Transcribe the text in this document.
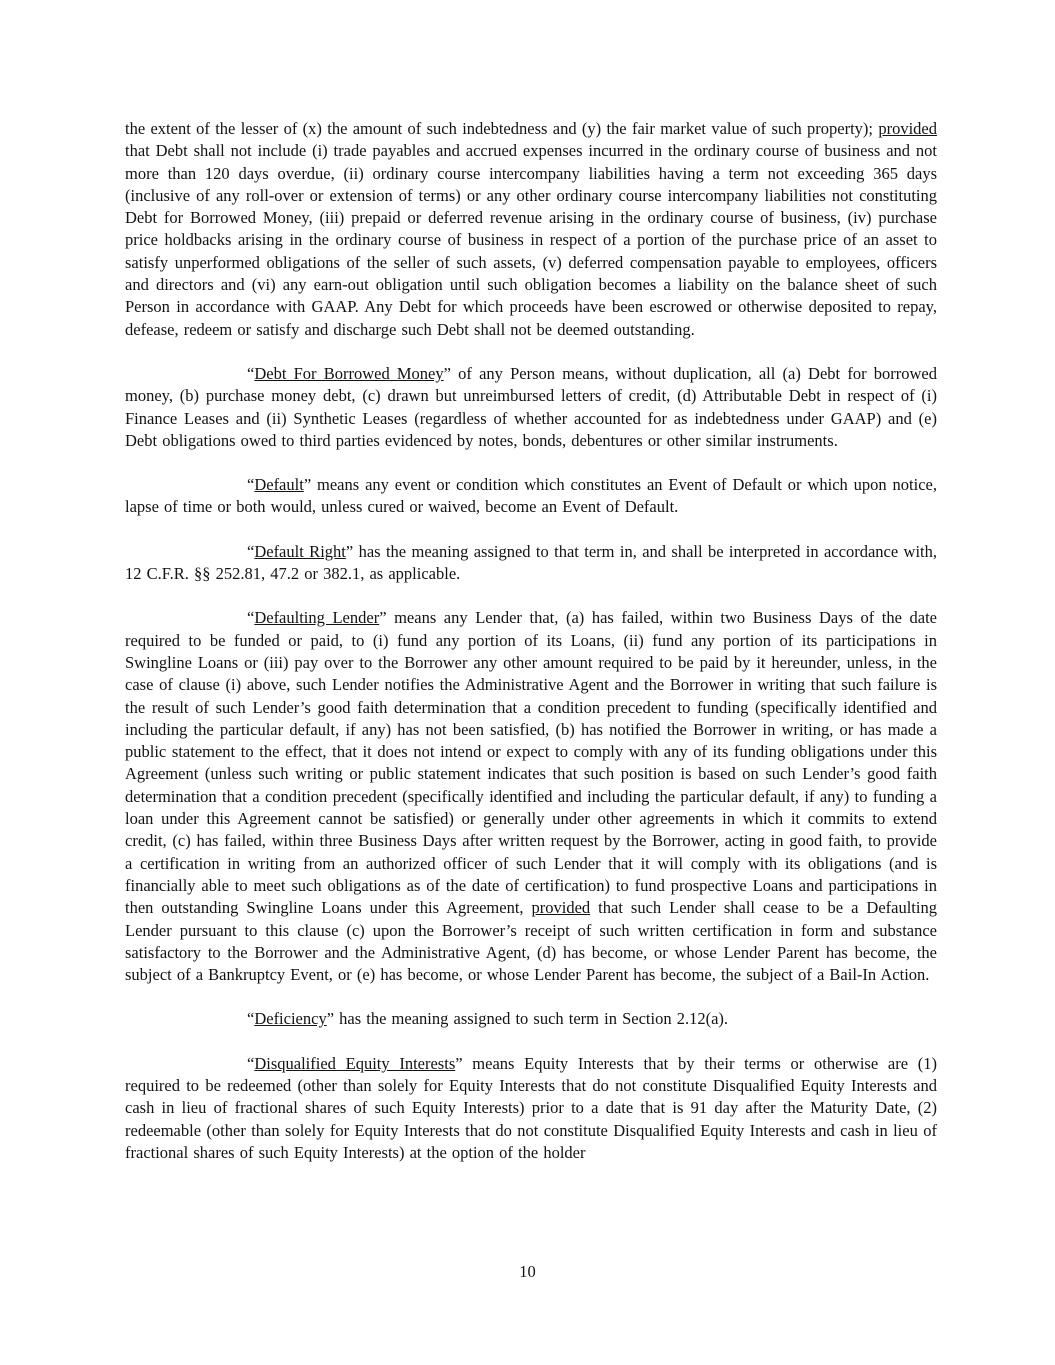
the extent of the lesser of (x) the amount of such indebtedness and (y) the fair market value of such property); provided that Debt shall not include (i) trade payables and accrued expenses incurred in the ordinary course of business and not more than 120 days overdue, (ii) ordinary course intercompany liabilities having a term not exceeding 365 days (inclusive of any roll-over or extension of terms) or any other ordinary course intercompany liabilities not constituting Debt for Borrowed Money, (iii) prepaid or deferred revenue arising in the ordinary course of business, (iv) purchase price holdbacks arising in the ordinary course of business in respect of a portion of the purchase price of an asset to satisfy unperformed obligations of the seller of such assets, (v) deferred compensation payable to employees, officers and directors and (vi) any earn-out obligation until such obligation becomes a liability on the balance sheet of such Person in accordance with GAAP. Any Debt for which proceeds have been escrowed or otherwise deposited to repay, defease, redeem or satisfy and discharge such Debt shall not be deemed outstanding.

“Debt For Borrowed Money” of any Person means, without duplication, all (a) Debt for borrowed money, (b) purchase money debt, (c) drawn but unreimbursed letters of credit, (d) Attributable Debt in respect of (i) Finance Leases and (ii) Synthetic Leases (regardless of whether accounted for as indebtedness under GAAP) and (e) Debt obligations owed to third parties evidenced by notes, bonds, debentures or other similar instruments.

“Default” means any event or condition which constitutes an Event of Default or which upon notice, lapse of time or both would, unless cured or waived, become an Event of Default.

“Default Right” has the meaning assigned to that term in, and shall be interpreted in accordance with, 12 C.F.R. §§ 252.81, 47.2 or 382.1, as applicable.

“Defaulting Lender” means any Lender that, (a) has failed, within two Business Days of the date required to be funded or paid, to (i) fund any portion of its Loans, (ii) fund any portion of its participations in Swingline Loans or (iii) pay over to the Borrower any other amount required to be paid by it hereunder, unless, in the case of clause (i) above, such Lender notifies the Administrative Agent and the Borrower in writing that such failure is the result of such Lender’s good faith determination that a condition precedent to funding (specifically identified and including the particular default, if any) has not been satisfied, (b) has notified the Borrower in writing, or has made a public statement to the effect, that it does not intend or expect to comply with any of its funding obligations under this Agreement (unless such writing or public statement indicates that such position is based on such Lender’s good faith determination that a condition precedent (specifically identified and including the particular default, if any) to funding a loan under this Agreement cannot be satisfied) or generally under other agreements in which it commits to extend credit, (c) has failed, within three Business Days after written request by the Borrower, acting in good faith, to provide a certification in writing from an authorized officer of such Lender that it will comply with its obligations (and is financially able to meet such obligations as of the date of certification) to fund prospective Loans and participations in then outstanding Swingline Loans under this Agreement, provided that such Lender shall cease to be a Defaulting Lender pursuant to this clause (c) upon the Borrower’s receipt of such written certification in form and substance satisfactory to the Borrower and the Administrative Agent, (d) has become, or whose Lender Parent has become, the subject of a Bankruptcy Event, or (e) has become, or whose Lender Parent has become, the subject of a Bail-In Action.

“Deficiency” has the meaning assigned to such term in Section 2.12(a).

“Disqualified Equity Interests” means Equity Interests that by their terms or otherwise are (1) required to be redeemed (other than solely for Equity Interests that do not constitute Disqualified Equity Interests and cash in lieu of fractional shares of such Equity Interests) prior to a date that is 91 day after the Maturity Date, (2) redeemable (other than solely for Equity Interests that do not constitute Disqualified Equity Interests and cash in lieu of fractional shares of such Equity Interests) at the option of the holder

10
